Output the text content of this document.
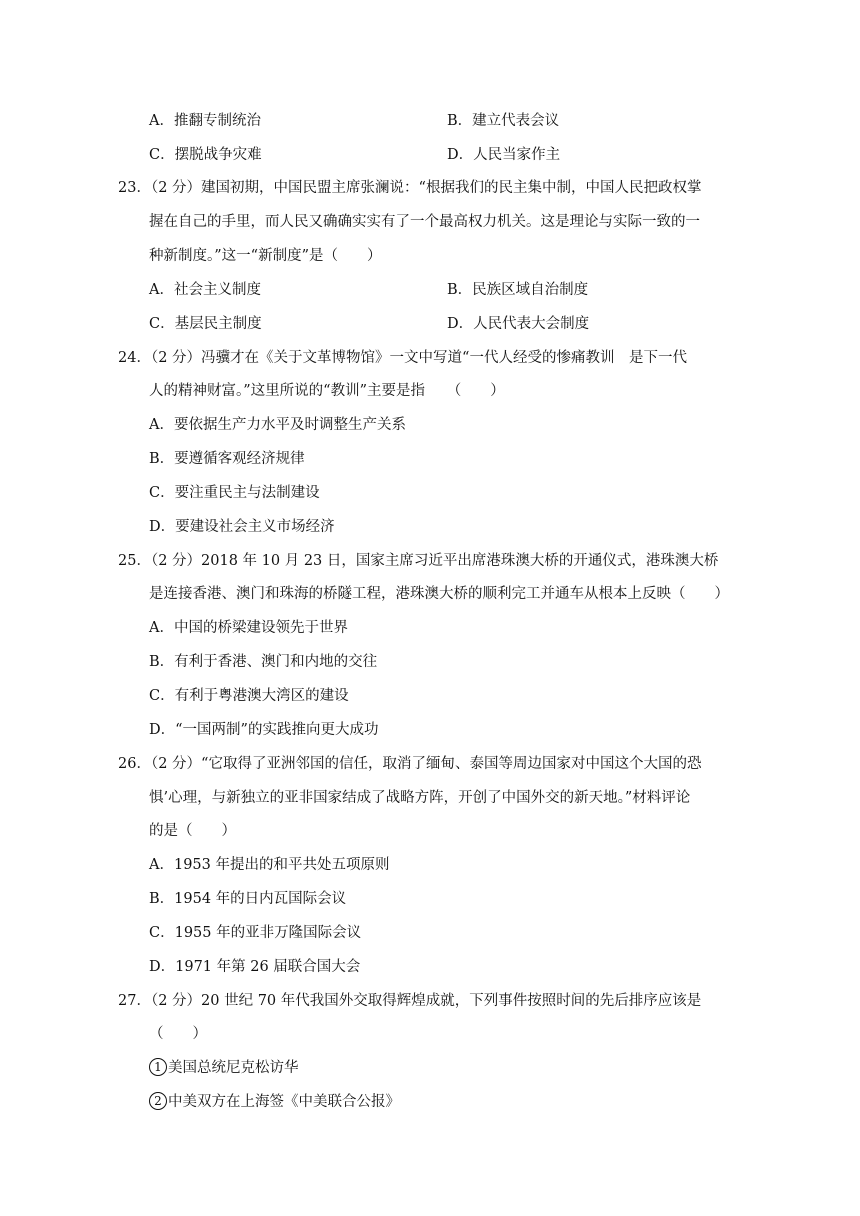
A．推翻专制统治	B．建立代表会议
C．摆脱战争灾难	D．人民当家作主
23．（2 分）建国初期，中国民盟主席张澜说：“根据我们的民主集中制，中国人民把政权掌
握在自己的手里，而人民又确确实实有了一个最高权力机关。这是理论与实际一致的一
种新制度。”这一“新制度”是（　　）
A．社会主义制度	B．民族区域自治制度
C．基层民主制度	D．人民代表大会制度
24．（2 分）冯骥才在《关于文革博物馆》一文中写道“一代人经受的惨痛教训　是下一代
人的精神财富。”这里所说的“教训”主要是指　　（　　）
A．要依据生产力水平及时调整生产关系
B．要遵循客观经济规律
C．要注重民主与法制建设
D．要建设社会主义市场经济
25．（2 分）2018 年 10 月 23 日，国家主席习近平出席港珠澳大桥的开通仪式，港珠澳大桥
是连接香港、澳门和珠海的桥隧工程，港珠澳大桥的顺利完工并通车从根本上反映（　　）
A．中国的桥梁建设领先于世界
B．有利于香港、澳门和内地的交往
C．有利于粤港澳大湾区的建设
D．“一国两制”的实践推向更大成功
26．（2 分）“它取得了亚洲邻国的信任，取消了缅甸、泰国等周边国家对中国这个大国的恐
惧’心理，与新独立的亚非国家结成了战略方阵，开创了中国外交的新天地。”材料评论
的是（　　）
A．1953 年提出的和平共处五项原则
B．1954 年的日内瓦国际会议
C．1955 年的亚非万隆国际会议
D．1971 年第 26 届联合国大会
27．（2 分）20 世纪 70 年代我国外交取得辉煌成就，下列事件按照时间的先后排序应该是
（　　）
1 美国总统尼克松访华
2 中美双方在上海签《中美联合公报》
